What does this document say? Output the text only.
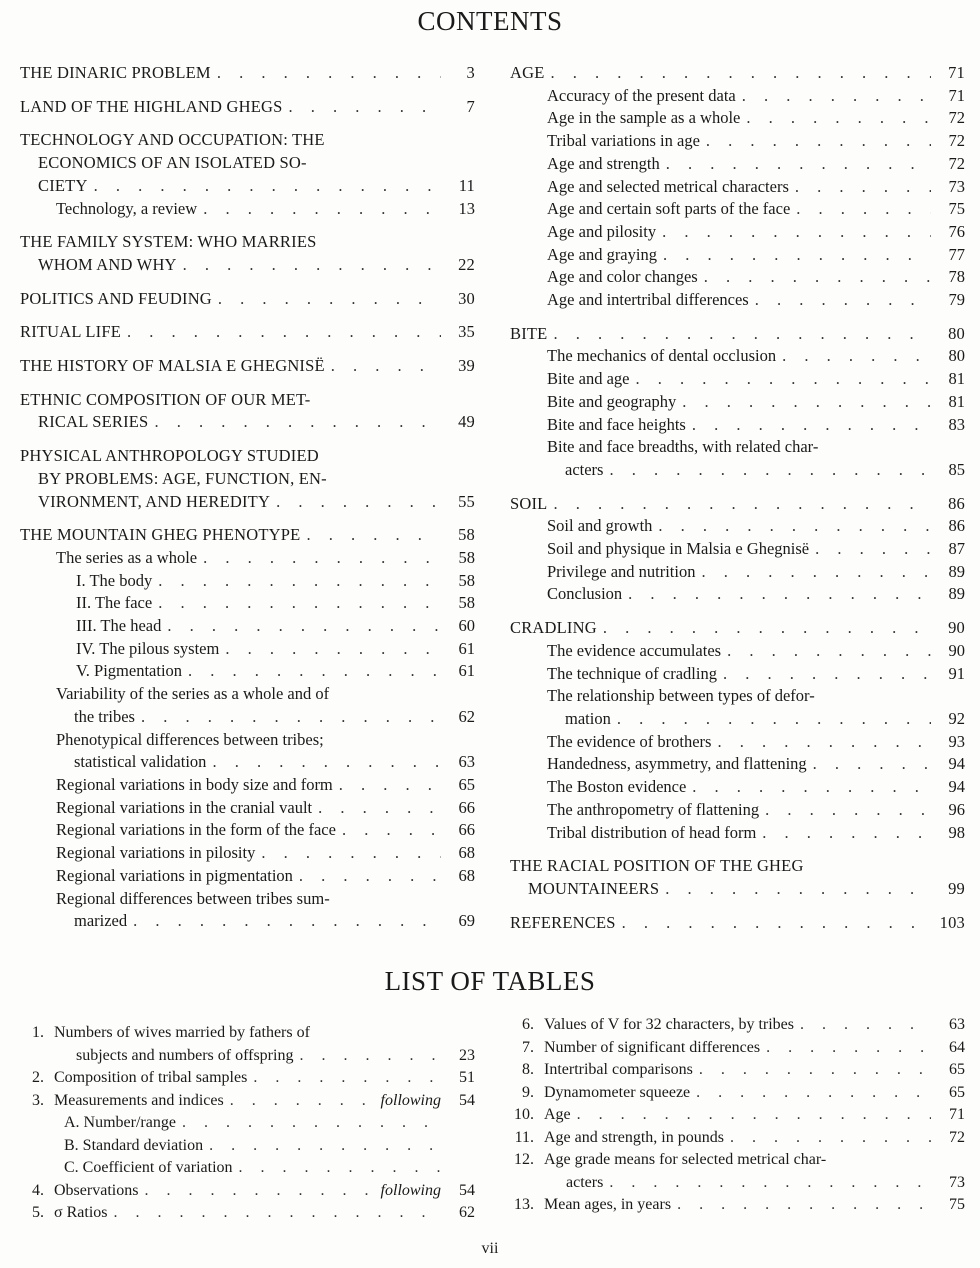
CONTENTS
THE DINARIC PROBLEM . . .	3
LAND OF THE HIGHLAND GHEGS . . .	7
TECHNOLOGY AND OCCUPATION: THE
ECONOMICS OF AN ISOLATED SO-
CIETY . . .	11
Technology, a review . . .	13
THE FAMILY SYSTEM: WHO MARRIES
WHOM AND WHY . . .	22
POLITICS AND FEUDING . . .	30
RITUAL LIFE . . .	35
THE HISTORY OF MALSIA E GHEGNISË . . .	39
ETHNIC COMPOSITION OF OUR MET-
RICAL SERIES . . .	49
PHYSICAL ANTHROPOLOGY STUDIED
BY PROBLEMS: AGE, FUNCTION, EN-
VIRONMENT, AND HEREDITY . . .	55
THE MOUNTAIN GHEG PHENOTYPE . . .	58
The series as a whole . . .	58
I. The body . . .	58
II. The face . . .	58
III. The head . . .	60
IV. The pilous system . . .	61
V. Pigmentation . . .	61
Variability of the series as a whole and of
the tribes . . .	62
Phenotypical differences between tribes;
statistical validation . . .	63
Regional variations in body size and form . . .	65
Regional variations in the cranial vault . . .	66
Regional variations in the form of the face . . .	66
Regional variations in pilosity . . .	68
Regional variations in pigmentation . . .	68
Regional differences between tribes sum-
marized . . .	69
AGE . . .	71
Accuracy of the present data . . .	71
Age in the sample as a whole . . .	72
Tribal variations in age . . .	72
Age and strength . . .	72
Age and selected metrical characters . . .	73
Age and certain soft parts of the face . . .	75
Age and pilosity . . .	76
Age and graying . . .	77
Age and color changes . . .	78
Age and intertribal differences . . .	79
BITE . . .	80
The mechanics of dental occlusion . . .	80
Bite and age . . .	81
Bite and geography . . .	81
Bite and face heights . . .	83
Bite and face breadths, with related char-
acters . . .	85
SOIL . . .	86
Soil and growth . . .	86
Soil and physique in Malsia e Ghegnisë . . .	87
Privilege and nutrition . . .	89
Conclusion . . .	89
CRADLING . . .	90
The evidence accumulates . . .	90
The technique of cradling . . .	91
The relationship between types of defor-
mation . . .	92
The evidence of brothers . . .	93
Handedness, asymmetry, and flattening . . .	94
The Boston evidence . . .	94
The anthropometry of flattening . . .	96
Tribal distribution of head form . . .	98
THE RACIAL POSITION OF THE GHEG
MOUNTAINEERS . . .	99
REFERENCES . . .	103
LIST OF TABLES
1. Numbers of wives married by fathers of
subjects and numbers of offspring . . .	23
2. Composition of tribal samples . . .	51
3. Measurements and indices . . .	following	54
A. Number/range
. . .
B. Standard deviation
. . .
C. Coefficient of variation
. . .
4. Observations . . .	following	54
5. σ Ratios . . .	62
6. Values of V for 32 characters, by tribes . . .	63
7. Number of significant differences . . .	64
8. Intertribal comparisons . . .	65
9. Dynamometer squeeze . . .	65
10. Age . . .	71
11. Age and strength, in pounds . . .	72
12. Age grade means for selected metrical char-
acters . . .	73
13. Mean ages, in years . . .	75
vii
